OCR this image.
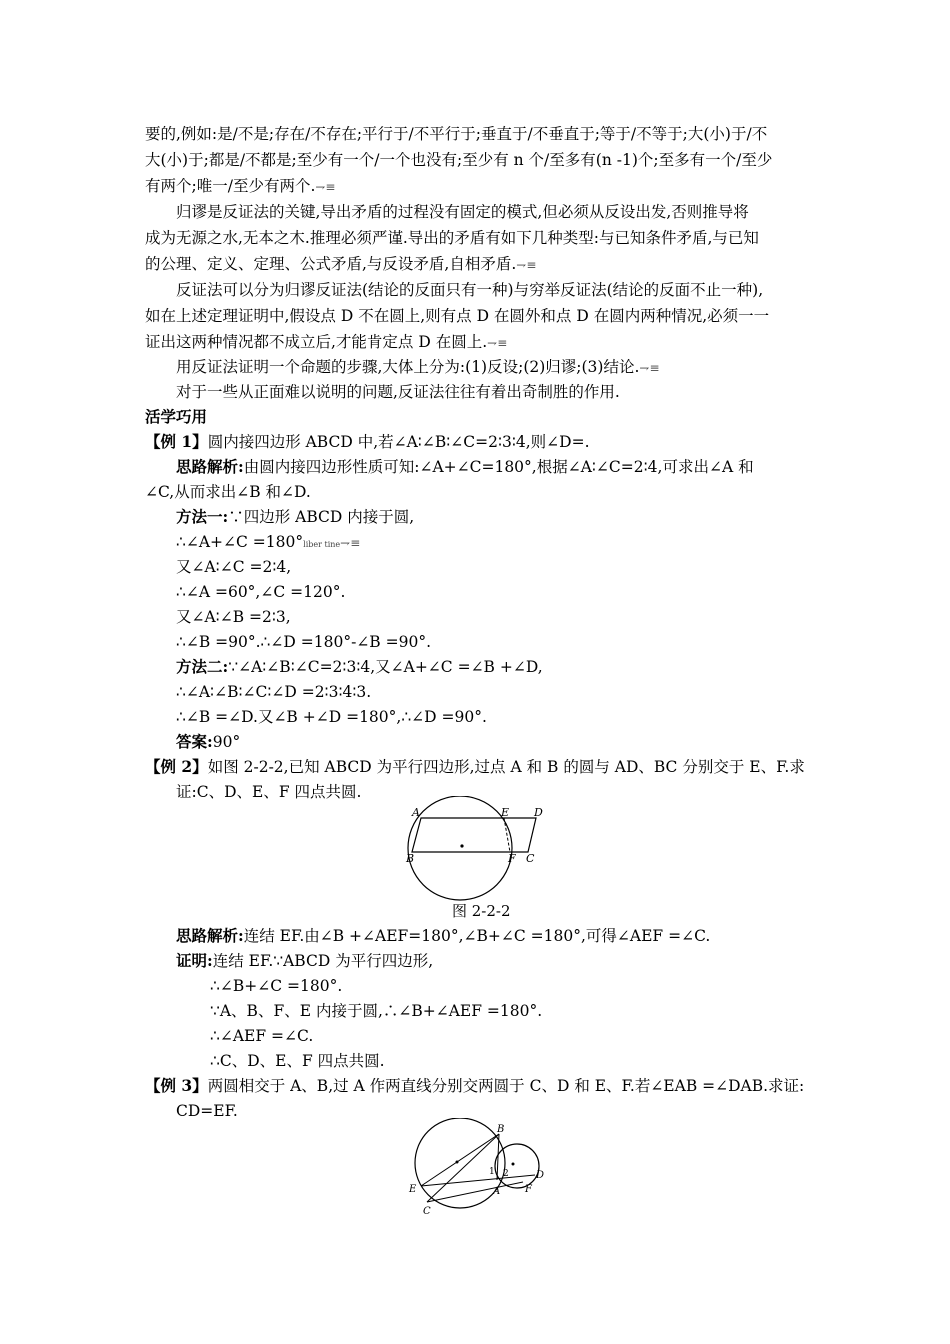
要的,例如:是/不是;存在/不存在;平行于/不平行于;垂直于/不垂直于;等于/不等于;大(小)于/不
大(小)于;都是/不都是;至少有一个/一个也没有;至少有 n 个/至多有(n -1)个;至多有一个/至少
有两个;唯一/至少有两个.⇁≡
归谬是反证法的关键,导出矛盾的过程没有固定的模式,但必须从反设出发,否则推导将
成为无源之水,无本之木.推理必须严谨.导出的矛盾有如下几种类型:与已知条件矛盾,与已知
的公理、定义、定理、公式矛盾,与反设矛盾,自相矛盾.⇁≡
反证法可以分为归谬反证法(结论的反面只有一种)与穷举反证法(结论的反面不止一种),
如在上述定理证明中,假设点 D 不在圆上,则有点 D 在圆外和点 D 在圆内两种情况,必须一一
证出这两种情况都不成立后,才能肯定点 D 在圆上.⇁≡
用反证法证明一个命题的步骤,大体上分为:(1)反设;(2)归谬;(3)结论.⇁≡
对于一些从正面难以说明的问题,反证法往往有着出奇制胜的作用.
活学巧用
【例 1】圆内接四边形 ABCD 中,若∠A∶∠B∶∠C=2∶3∶4,则∠D=.
思路解析:由圆内接四边形性质可知:∠A+∠C=180°,根据∠A∶∠C=2∶4,可求出∠A 和
∠C,从而求出∠B 和∠D.
方法一:∵四边形 ABCD 内接于圆,
∴∠A+∠C =180°liber tine⇁≡
又∠A∶∠C =2∶4,
∴∠A =60°,∠C =120°.
又∠A∶∠B =2∶3,
∴∠B =90°.∴∠D =180°-∠B =90°.
方法二:∵∠A∶∠B∶∠C=2∶3∶4,又∠A+∠C =∠B +∠D,
∴∠A∶∠B∶∠C∶∠D =2∶3∶4∶3.
∴∠B =∠D.又∠B +∠D =180°,∴∠D =90°.
答案:90°
【例 2】如图 2-2-2,已知 ABCD 为平行四边形,过点 A 和 B 的圆与 AD、BC 分别交于 E、F.求
证:C、D、E、F 四点共圆.
A	E D
B	F C
图 2-2-2
思路解析:连结 EF.由∠B +∠AEF=180°,∠B+∠C =180°,可得∠AEF =∠C.
证明:连结 EF.∵ABCD 为平行四边形,
∴∠B+∠C =180°.
∵A、B、F、E 内接于圆,∴∠B+∠AEF =180°.
∴∠AEF =∠C.
∴C、D、E、F 四点共圆.
【例 3】两圆相交于 A、B,过 A 作两直线分别交两圆于 C、D 和 E、F.若∠EAB =∠DAB.求证:
CD=EF.
B
D
E	F
A
C
1 2
